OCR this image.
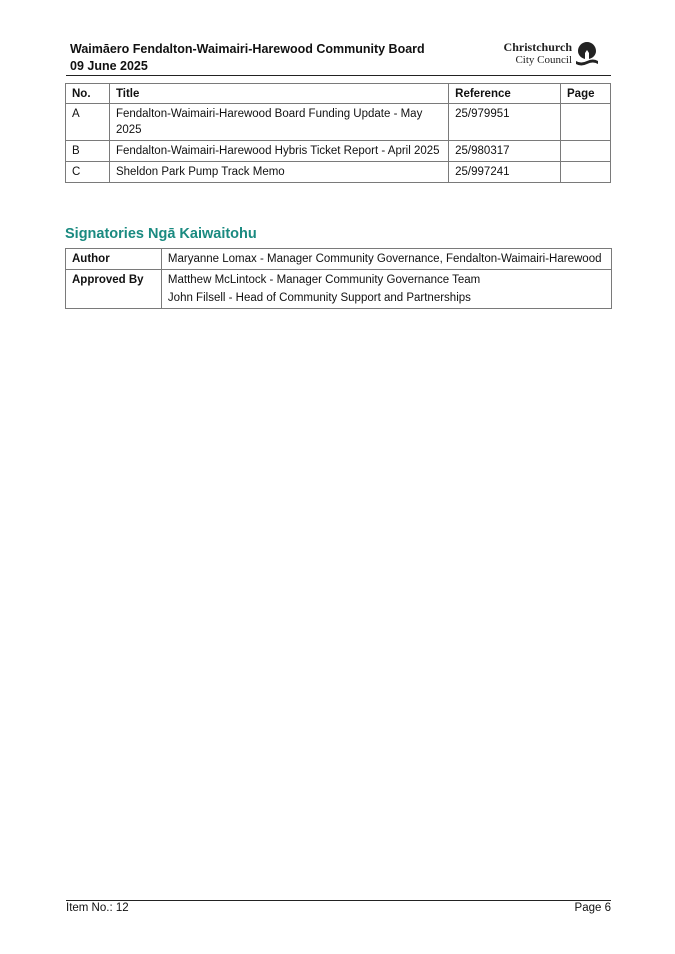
Waimāero Fendalton-Waimairi-Harewood Community Board
09 June 2025
Christchurch
City Council
No.	Title	Reference	Page
A	Fendalton-Waimairi-Harewood Board Funding Update - May 2025	25/979951	
B	Fendalton-Waimairi-Harewood Hybris Ticket Report - April 2025	25/980317	
C	Sheldon Park Pump Track Memo	25/997241	
Signatories Ngā Kaiwaitohu
Author	Maryanne Lomax - Manager Community Governance, Fendalton-Waimairi-Harewood
Approved By	Matthew McLintock - Manager Community Governance Team
John Filsell - Head of Community Support and Partnerships
Item No.: 12	Page 6
